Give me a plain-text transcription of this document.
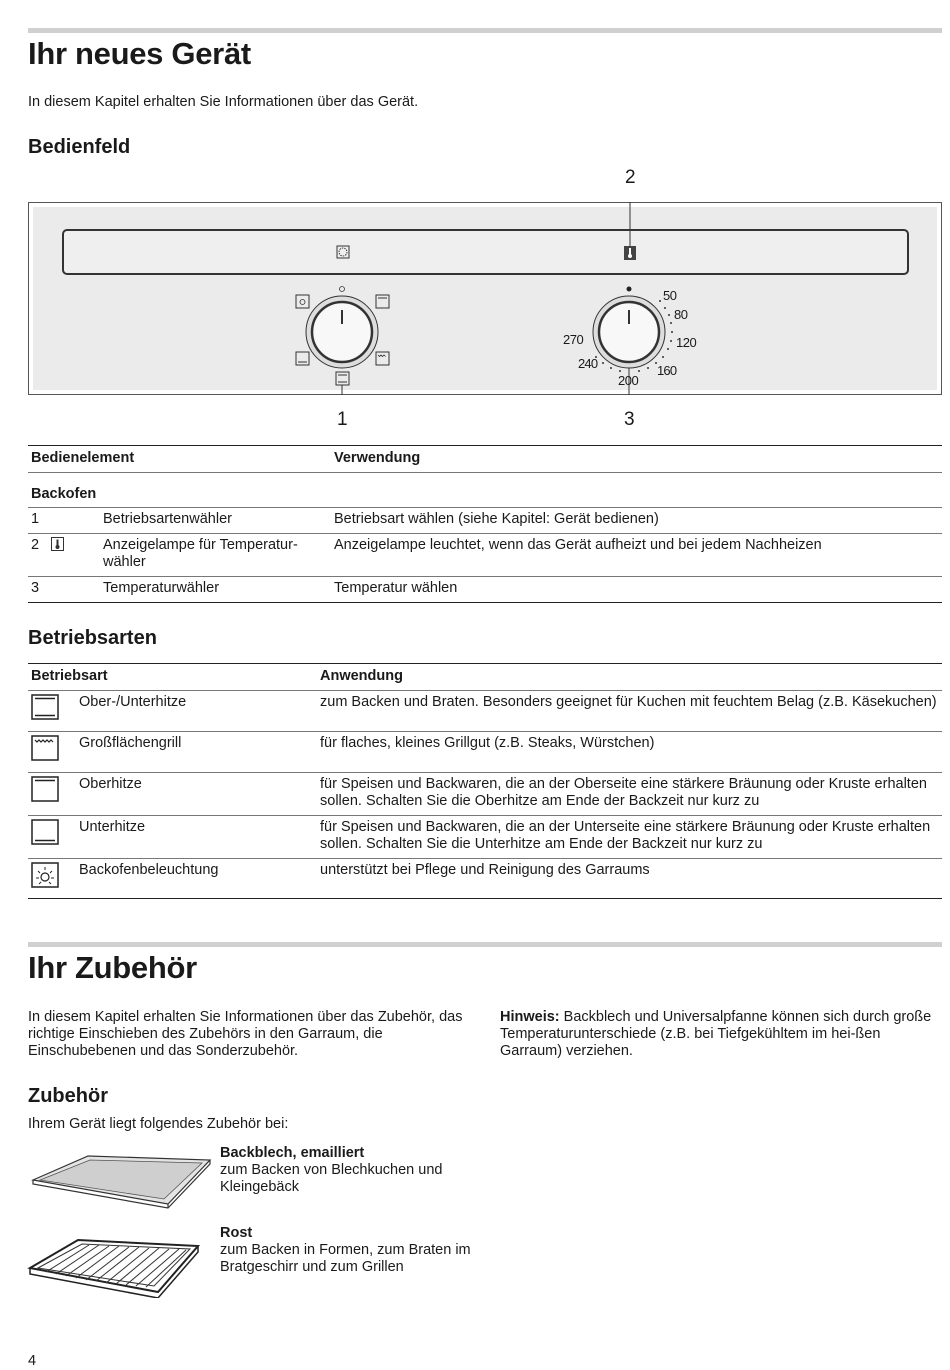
Ihr neues Gerät
In diesem Kapitel erhalten Sie Informationen über das Gerät.
Bedienfeld
2
1	3
50
80
120
160
200
240
270
Bedienelement		Verwendung
Backofen		
1	Betriebsartenwähler	Betriebsart wählen (siehe Kapitel: Gerät bedienen)
2	Anzeigelampe für Temperatur-wähler	Anzeigelampe leuchtet, wenn das Gerät aufheizt und bei jedem Nachheizen
3	Temperaturwähler	Temperatur wählen
Betriebsarten
Betriebsart		Anwendung
	Ober-/Unterhitze	zum Backen und Braten. Besonders geeignet für Kuchen mit feuchtem Belag (z.B. Käsekuchen)
	Großflächengrill	für flaches, kleines Grillgut (z.B. Steaks, Würstchen)
	Oberhitze	für Speisen und Backwaren, die an der Oberseite eine stärkere Bräunung oder Kruste erhalten sollen. Schalten Sie die Oberhitze am Ende der Backzeit nur kurz zu
	Unterhitze	für Speisen und Backwaren, die an der Unterseite eine stärkere Bräunung oder Kruste erhalten sollen. Schalten Sie die Unterhitze am Ende der Backzeit nur kurz zu
	Backofenbeleuchtung	unterstützt bei Pflege und Reinigung des Garraums
Ihr Zubehör
In diesem Kapitel erhalten Sie Informationen über das Zubehör, das richtige Einschieben des Zubehörs in den Garraum, die Einschubebenen und das Sonderzubehör.
Hinweis: Backblech und Universalpfanne können sich durch große Temperaturunterschiede (z.B. bei Tiefgekühltem im hei-ßen Garraum) verziehen.
Zubehör
Ihrem Gerät liegt folgendes Zubehör bei:
Backblech, emailliert
zum Backen von Blechkuchen und Kleingebäck
Rost
zum Backen in Formen, zum Braten im Bratgeschirr und zum Grillen
4
